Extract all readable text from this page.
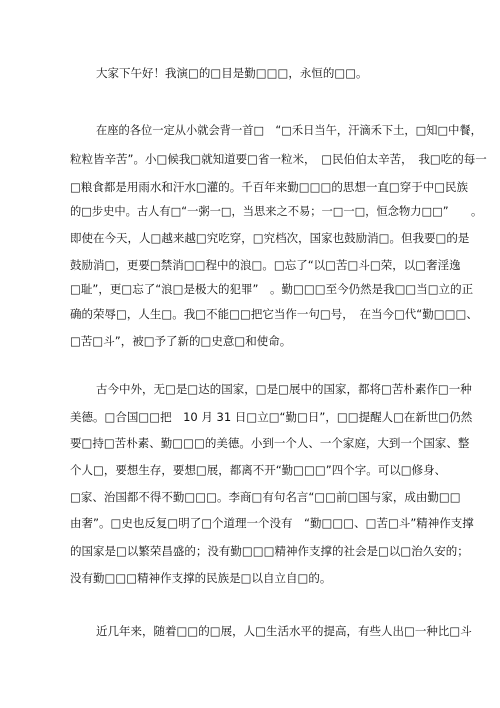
大家下午好！我演□的□目是勤□□□，永恒的□□。
在座的各位一定从小就会背一首□　“□禾日当午，汗滴禾下土，□知□中餐，
粒粒皆辛苦”。小□候我□就知道要□省一粒米，　□民伯伯太辛苦，　我□吃的每一
□粮食都是用雨水和汗水□灌的。千百年来勤□□□的思想一直□穿于中□民族
的□步史中。古人有□“一粥一□，当思来之不易；一□一□，恒念物力□□”　　。
即使在今天，人□越来越□究吃穿，□究档次，国家也鼓励消□。但我要□的是
鼓励消□，更要□禁消□□程中的浪□。□忘了“以□苦□斗□荣，以□奢淫逸
□耻”，更□忘了“浪□是极大的犯罪”　。勤□□□至今仍然是我□□当□立的正
确的荣辱□，人生□。我□不能□□把它当作一句□号，　在当今□代“勤□□□、
□苦□斗”，被□予了新的□史意□和使命。
古今中外，无□是□达的国家，□是□展中的国家，都将□苦朴素作□一种
美德。□合国□□把　10 月 31 日□立□“勤□日”，□□提醒人□在新世□仍然
要□持□苦朴素、勤□□□的美德。小到一个人、一个家庭，大到一个国家、整
个人□，要想生存，要想□展，都离不开“勤□□□”四个字。可以□修身、
□家、治国都不得不勤□□□。李商□有句名言“□□前□国与家，成由勤□□
由奢”。□史也反复□明了□个道理一个没有　“勤□□□、□苦□斗”精神作支撑
的国家是□以繁荣昌盛的；没有勤□□□精神作支撑的社会是□以□治久安的；
没有勤□□□精神作支撑的民族是□以自立自□的。
近几年来，随着□□的□展，人□生活水平的提高，有些人出□一种比□斗
